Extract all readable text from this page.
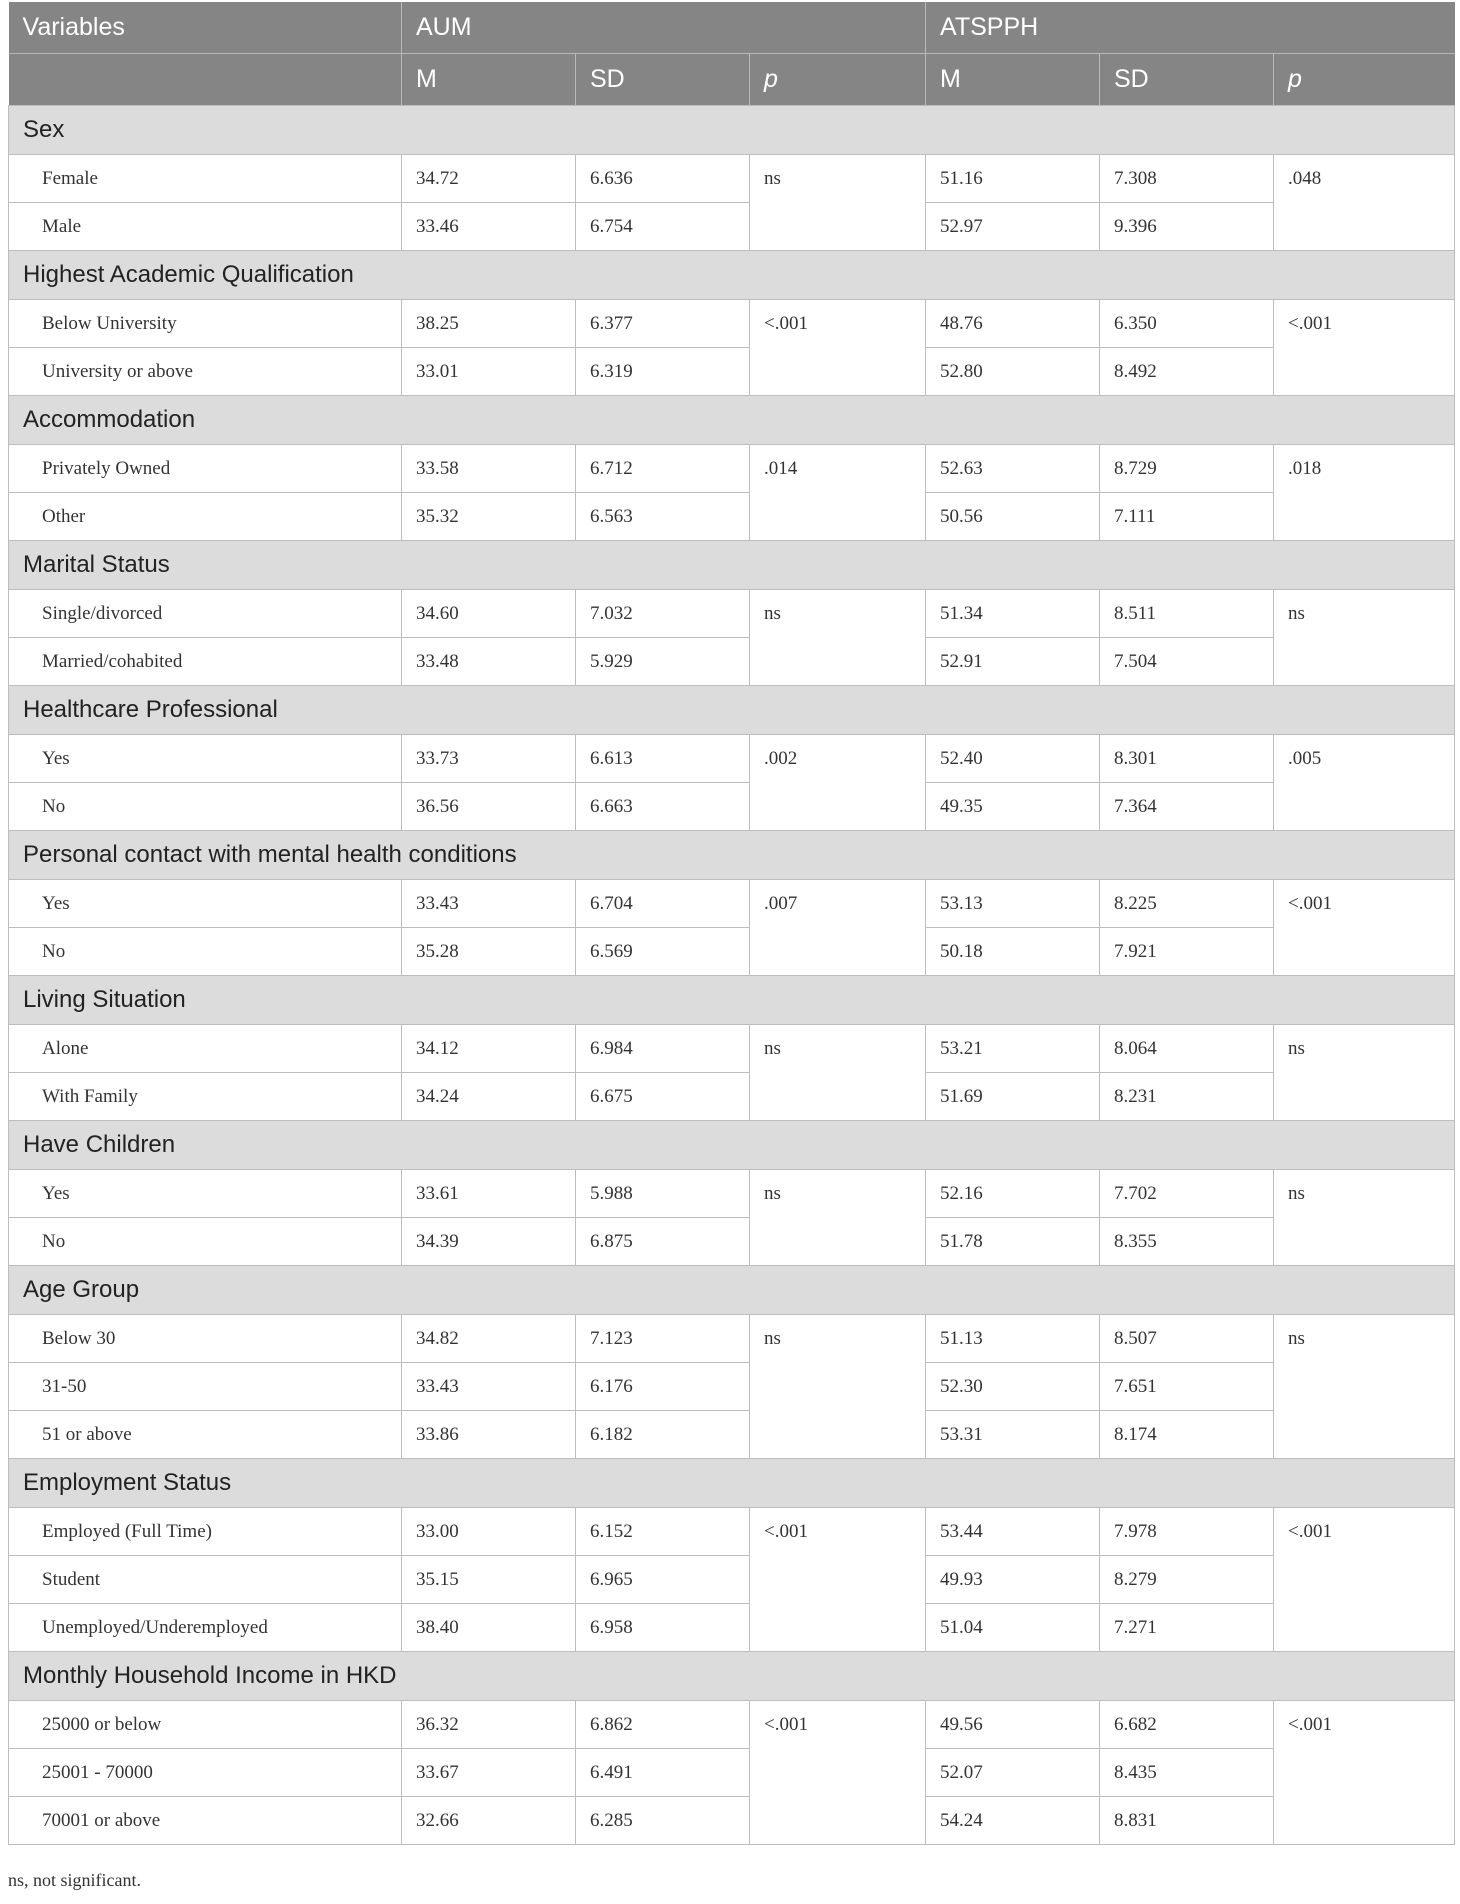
Variables	AUM			ATSPPH		
	M	SD	p	M	SD	p
Sex						
Female	34.72	6.636	ns	51.16	7.308	.048
Male	33.46	6.754		52.97	9.396	
Highest Academic Qualification						
Below University	38.25	6.377	<.001	48.76	6.350	<.001
University or above	33.01	6.319		52.80	8.492	
Accommodation						
Privately Owned	33.58	6.712	.014	52.63	8.729	.018
Other	35.32	6.563		50.56	7.111	
Marital Status						
Single/divorced	34.60	7.032	ns	51.34	8.511	ns
Married/cohabited	33.48	5.929		52.91	7.504	
Healthcare Professional						
Yes	33.73	6.613	.002	52.40	8.301	.005
No	36.56	6.663		49.35	7.364	
Personal contact with mental health conditions						
Yes	33.43	6.704	.007	53.13	8.225	<.001
No	35.28	6.569		50.18	7.921	
Living Situation						
Alone	34.12	6.984	ns	53.21	8.064	ns
With Family	34.24	6.675		51.69	8.231	
Have Children						
Yes	33.61	5.988	ns	52.16	7.702	ns
No	34.39	6.875		51.78	8.355	
Age Group						
Below 30	34.82	7.123	ns	51.13	8.507	ns
31-50	33.43	6.176		52.30	7.651	
51 or above	33.86	6.182		53.31	8.174	
Employment Status						
Employed (Full Time)	33.00	6.152	<.001	53.44	7.978	<.001
Student	35.15	6.965		49.93	8.279	
Unemployed/Underemployed	38.40	6.958		51.04	7.271	
Monthly Household Income in HKD						
25000 or below	36.32	6.862	<.001	49.56	6.682	<.001
25001 - 70000	33.67	6.491		52.07	8.435	
70001 or above	32.66	6.285		54.24	8.831	
ns, not significant.
